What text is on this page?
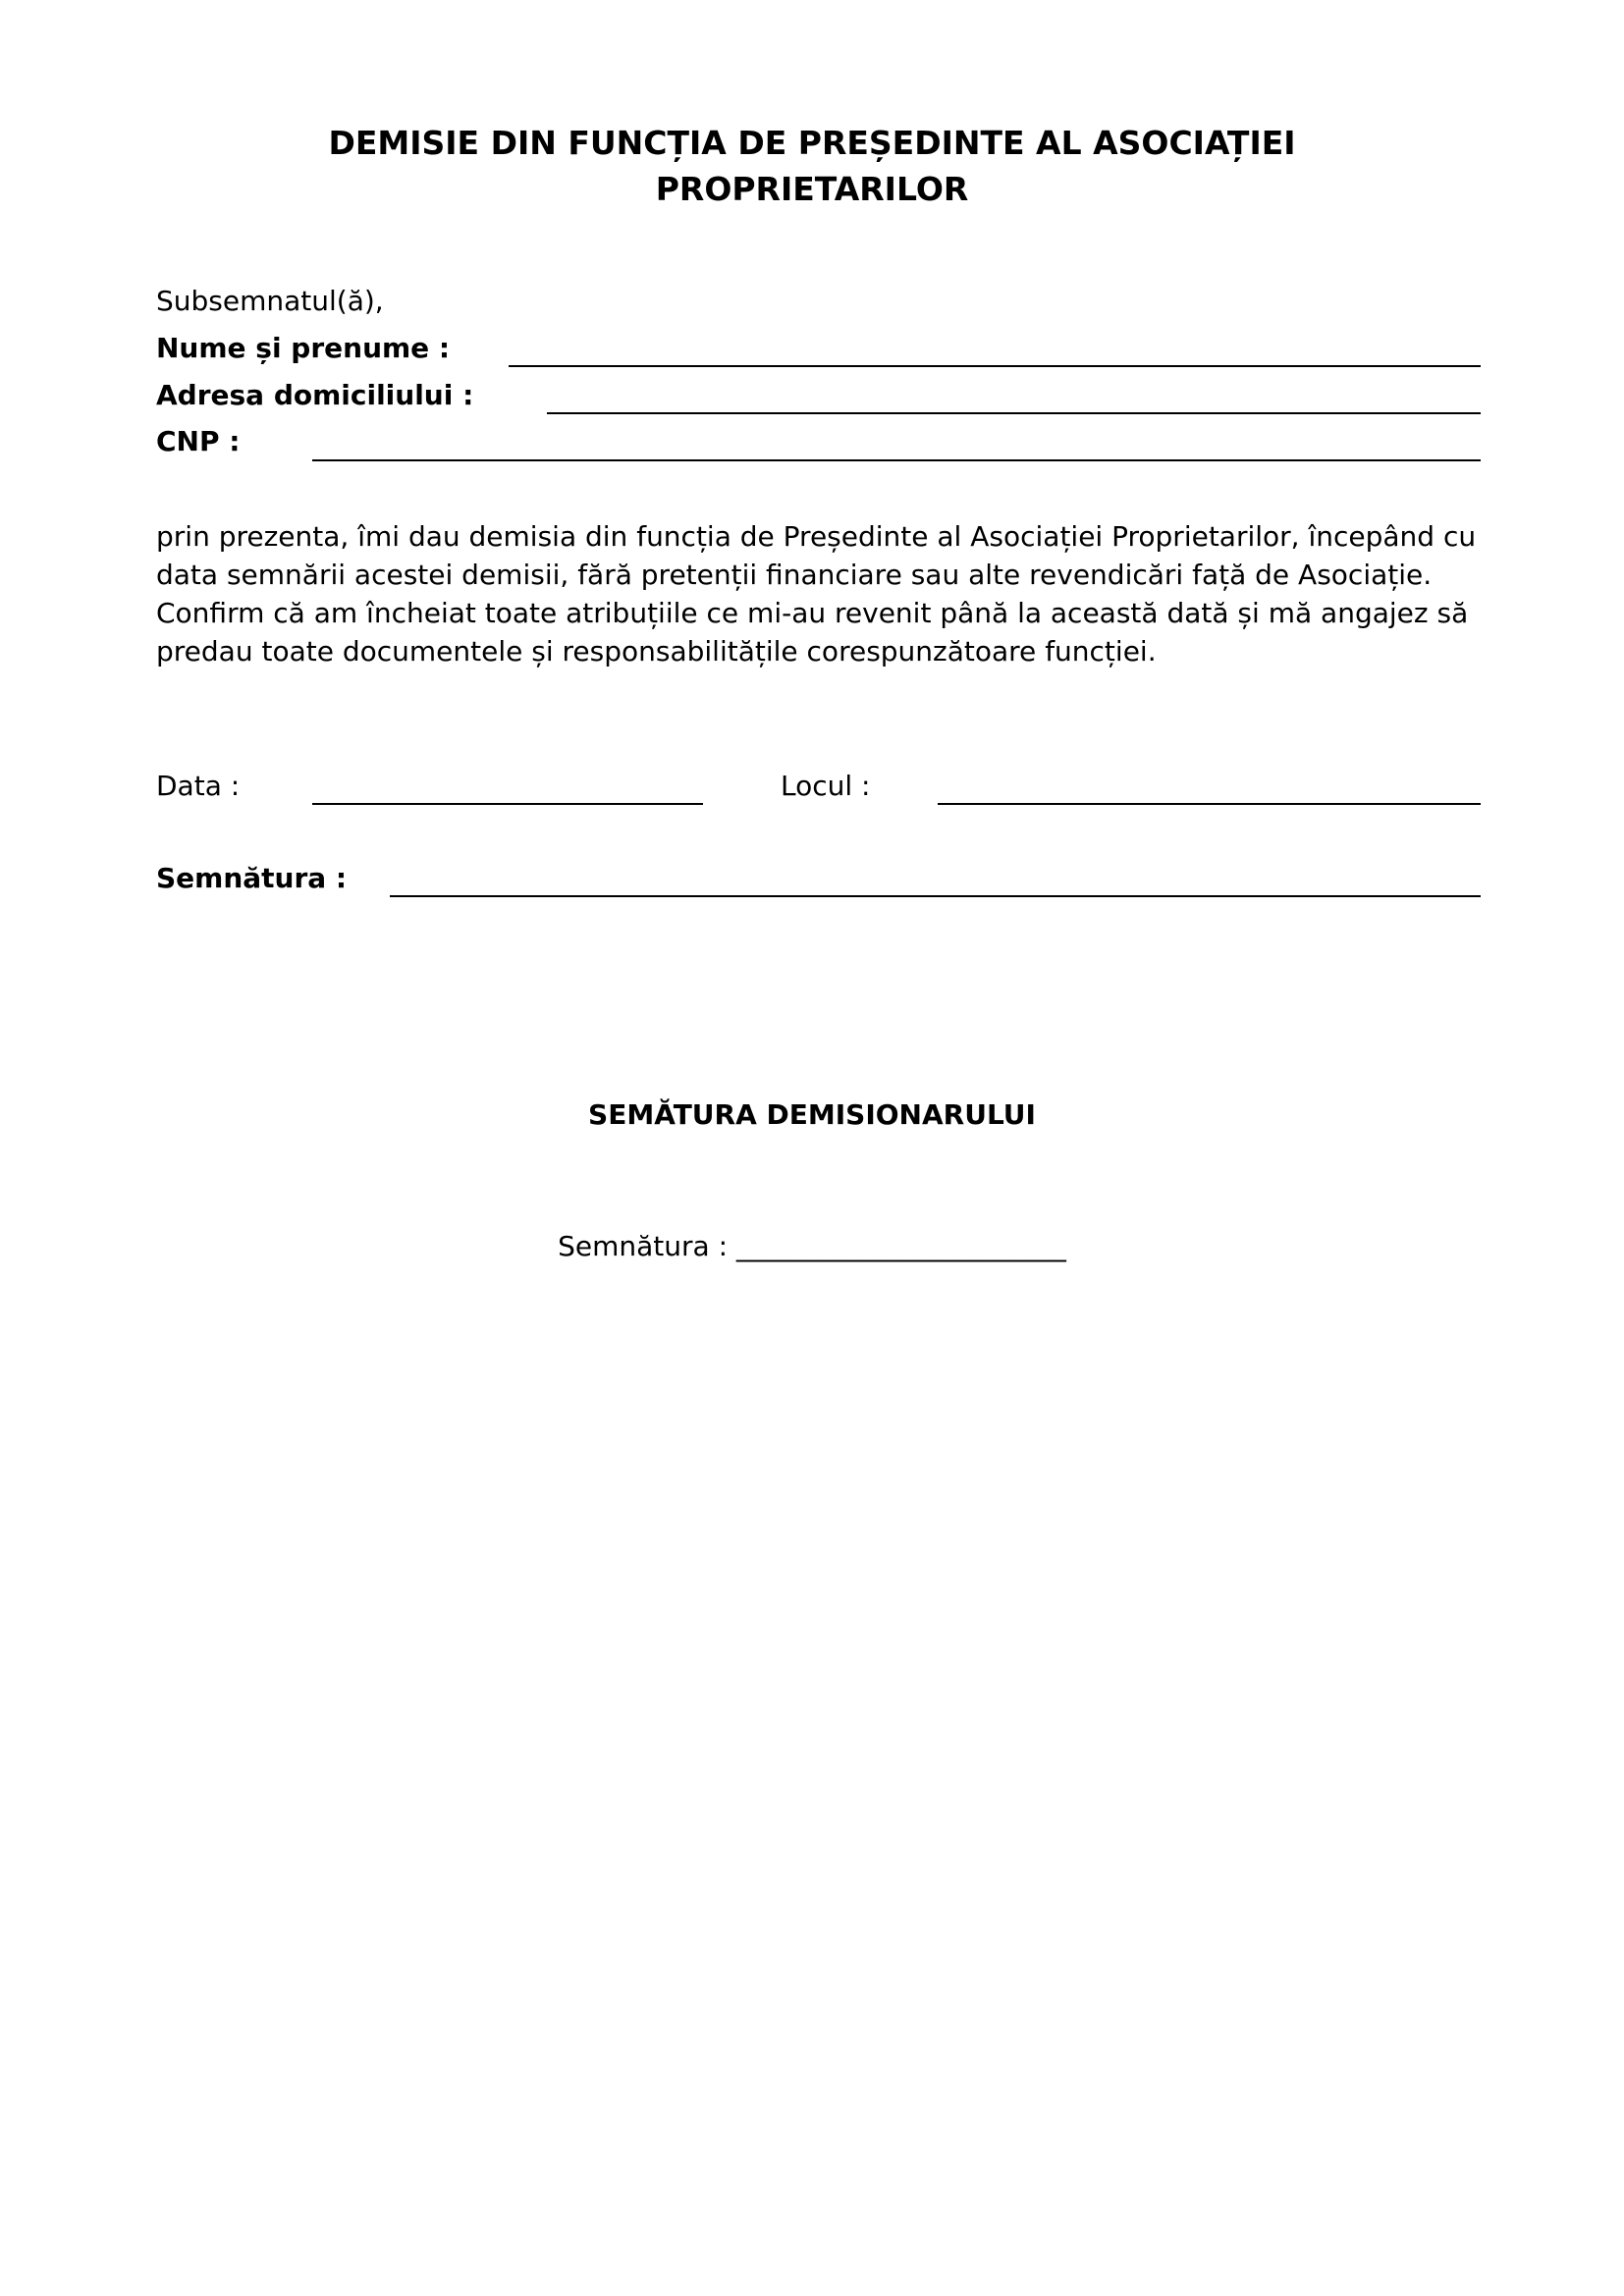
DEMISIE DIN FUNCȚIA DE PREȘEDINTE AL ASOCIAȚIEI
PROPRIETARILOR
Subsemnatul(ă),
Nume și prenume :
Adresa domiciliului :
CNP :
prin prezenta, îmi dau demisia din funcția de Președinte al Asociației Proprietarilor, începând cu
data semnării acestei demisii, fără pretenții financiare sau alte revendicări față de Asociație.
Confirm că am încheiat toate atribuțiile ce mi-au revenit până la această dată și mă angajez să
predau toate documentele și responsabilitățile corespunzătoare funcției.
Data :	Locul :
Semnătura :
SEMĂTURA DEMISIONARULUI
Semnătura : ________________________
